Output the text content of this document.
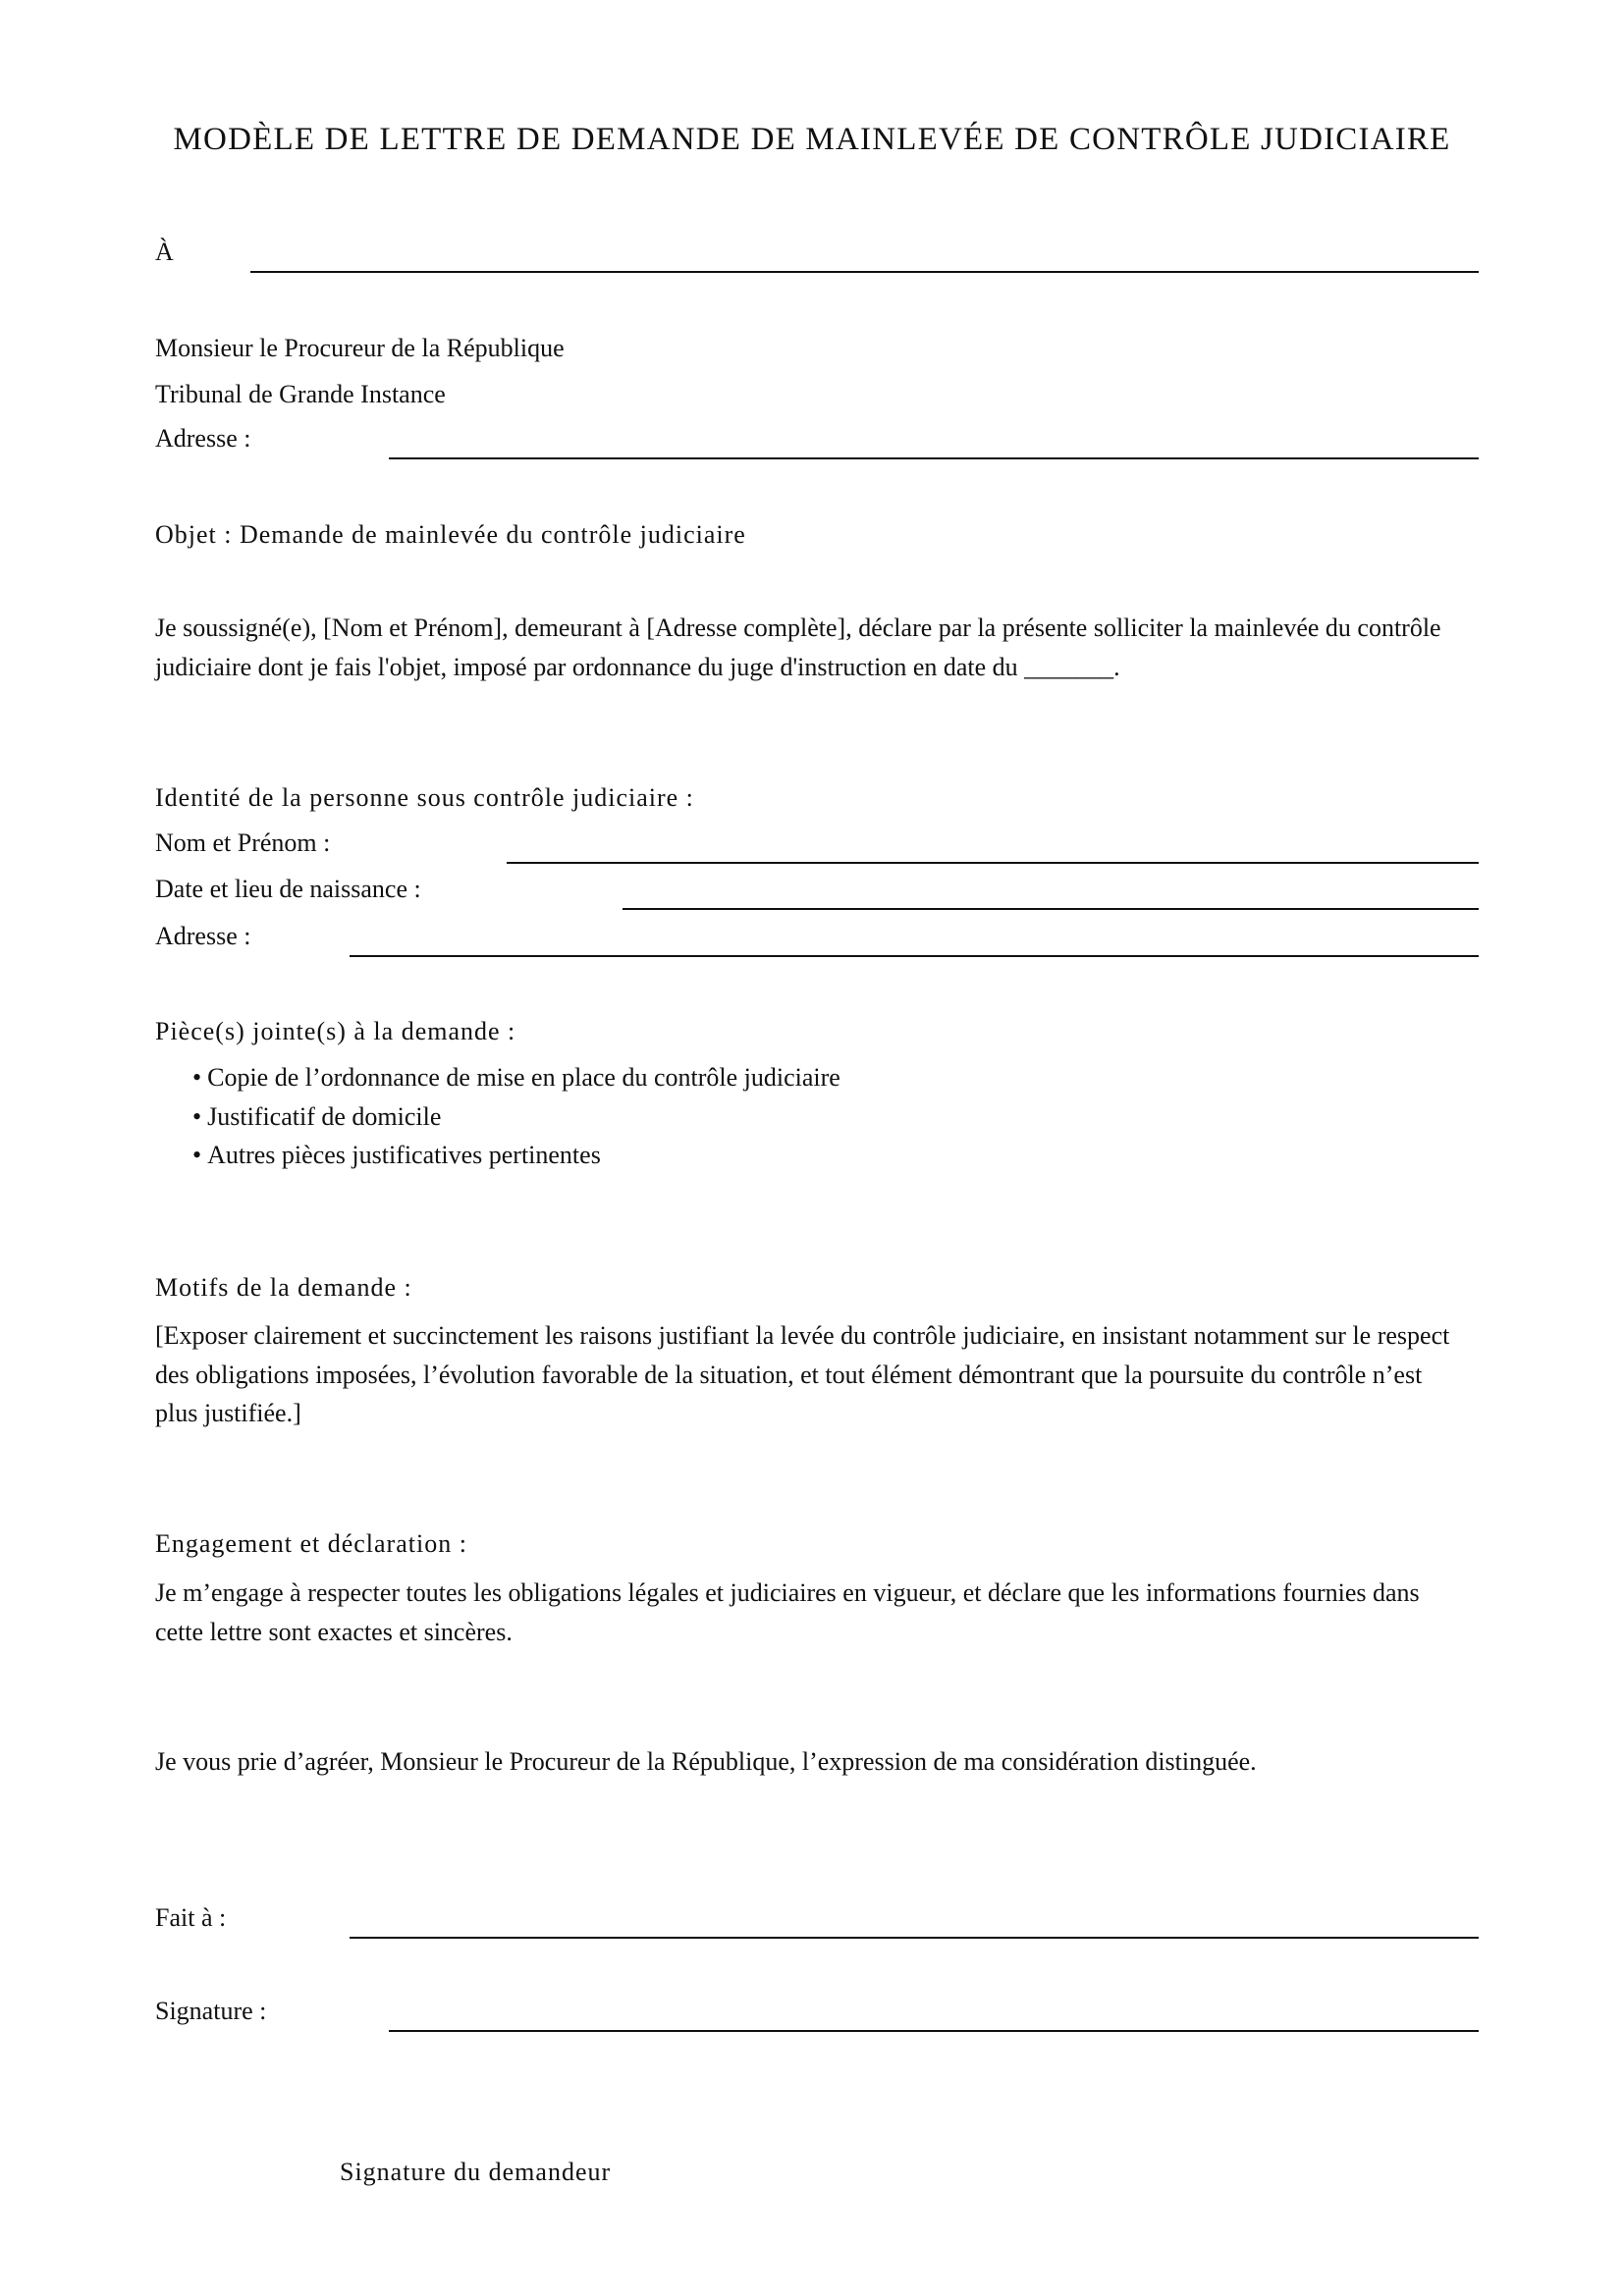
MODÈLE DE LETTRE DE DEMANDE DE MAINLEVÉE DE CONTRÔLE JUDICIAIRE
À
Monsieur le Procureur de la République
Tribunal de Grande Instance
Adresse :
Objet : Demande de mainlevée du contrôle judiciaire
Je soussigné(e), [Nom et Prénom], demeurant à [Adresse complète], déclare par la présente solliciter la mainlevée du contrôle judiciaire dont je fais l'objet, imposé par ordonnance du juge d'instruction en date du _______.
Identité de la personne sous contrôle judiciaire :
Nom et Prénom :
Date et lieu de naissance :
Adresse :
Pièce(s) jointe(s) à la demande :
• Copie de l’ordonnance de mise en place du contrôle judiciaire
• Justificatif de domicile
• Autres pièces justificatives pertinentes
Motifs de la demande :
[Exposer clairement et succinctement les raisons justifiant la levée du contrôle judiciaire, en insistant notamment sur le respect des obligations imposées, l’évolution favorable de la situation, et tout élément démontrant que la poursuite du contrôle n’est plus justifiée.]
Engagement et déclaration :
Je m’engage à respecter toutes les obligations légales et judiciaires en vigueur, et déclare que les informations fournies dans cette lettre sont exactes et sincères.
Je vous prie d’agréer, Monsieur le Procureur de la République, l’expression de ma considération distinguée.
Fait à :
Signature :
Signature du demandeur
